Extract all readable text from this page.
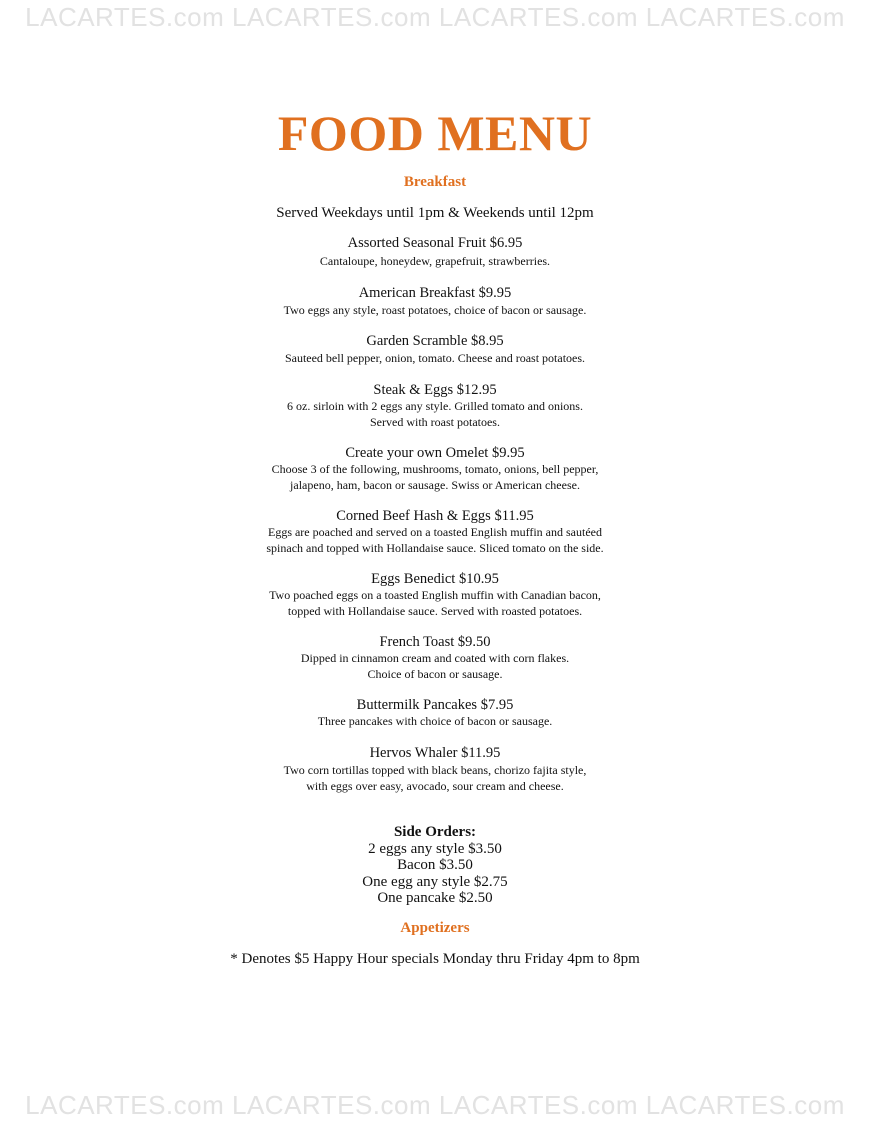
LACARTES.com LACARTES.com LACARTES.com LACARTES.com
FOOD MENU
Breakfast
Served Weekdays until 1pm & Weekends until 12pm
Assorted Seasonal Fruit $6.95
Cantaloupe, honeydew, grapefruit, strawberries.
American Breakfast $9.95
Two eggs any style, roast potatoes, choice of bacon or sausage.
Garden Scramble $8.95
Sauteed bell pepper, onion, tomato. Cheese and roast potatoes.
Steak & Eggs $12.95
6 oz. sirloin with 2 eggs any style. Grilled tomato and onions.
Served with roast potatoes.
Create your own Omelet $9.95
Choose 3 of the following, mushrooms, tomato, onions, bell pepper,
jalapeno, ham, bacon or sausage. Swiss or American cheese.
Corned Beef Hash & Eggs $11.95
Eggs are poached and served on a toasted English muffin and sautéed
spinach and topped with Hollandaise sauce. Sliced tomato on the side.
Eggs Benedict $10.95
Two poached eggs on a toasted English muffin with Canadian bacon,
topped with Hollandaise sauce. Served with roasted potatoes.
French Toast $9.50
Dipped in cinnamon cream and coated with corn flakes.
Choice of bacon or sausage.
Buttermilk Pancakes $7.95
Three pancakes with choice of bacon or sausage.
Hervos Whaler $11.95
Two corn tortillas topped with black beans, chorizo fajita style,
with eggs over easy, avocado, sour cream and cheese.
Side Orders:
2 eggs any style $3.50
Bacon $3.50
One egg any style $2.75
One pancake $2.50
Appetizers
* Denotes $5 Happy Hour specials Monday thru Friday 4pm to 8pm
LACARTES.com LACARTES.com LACARTES.com LACARTES.com
